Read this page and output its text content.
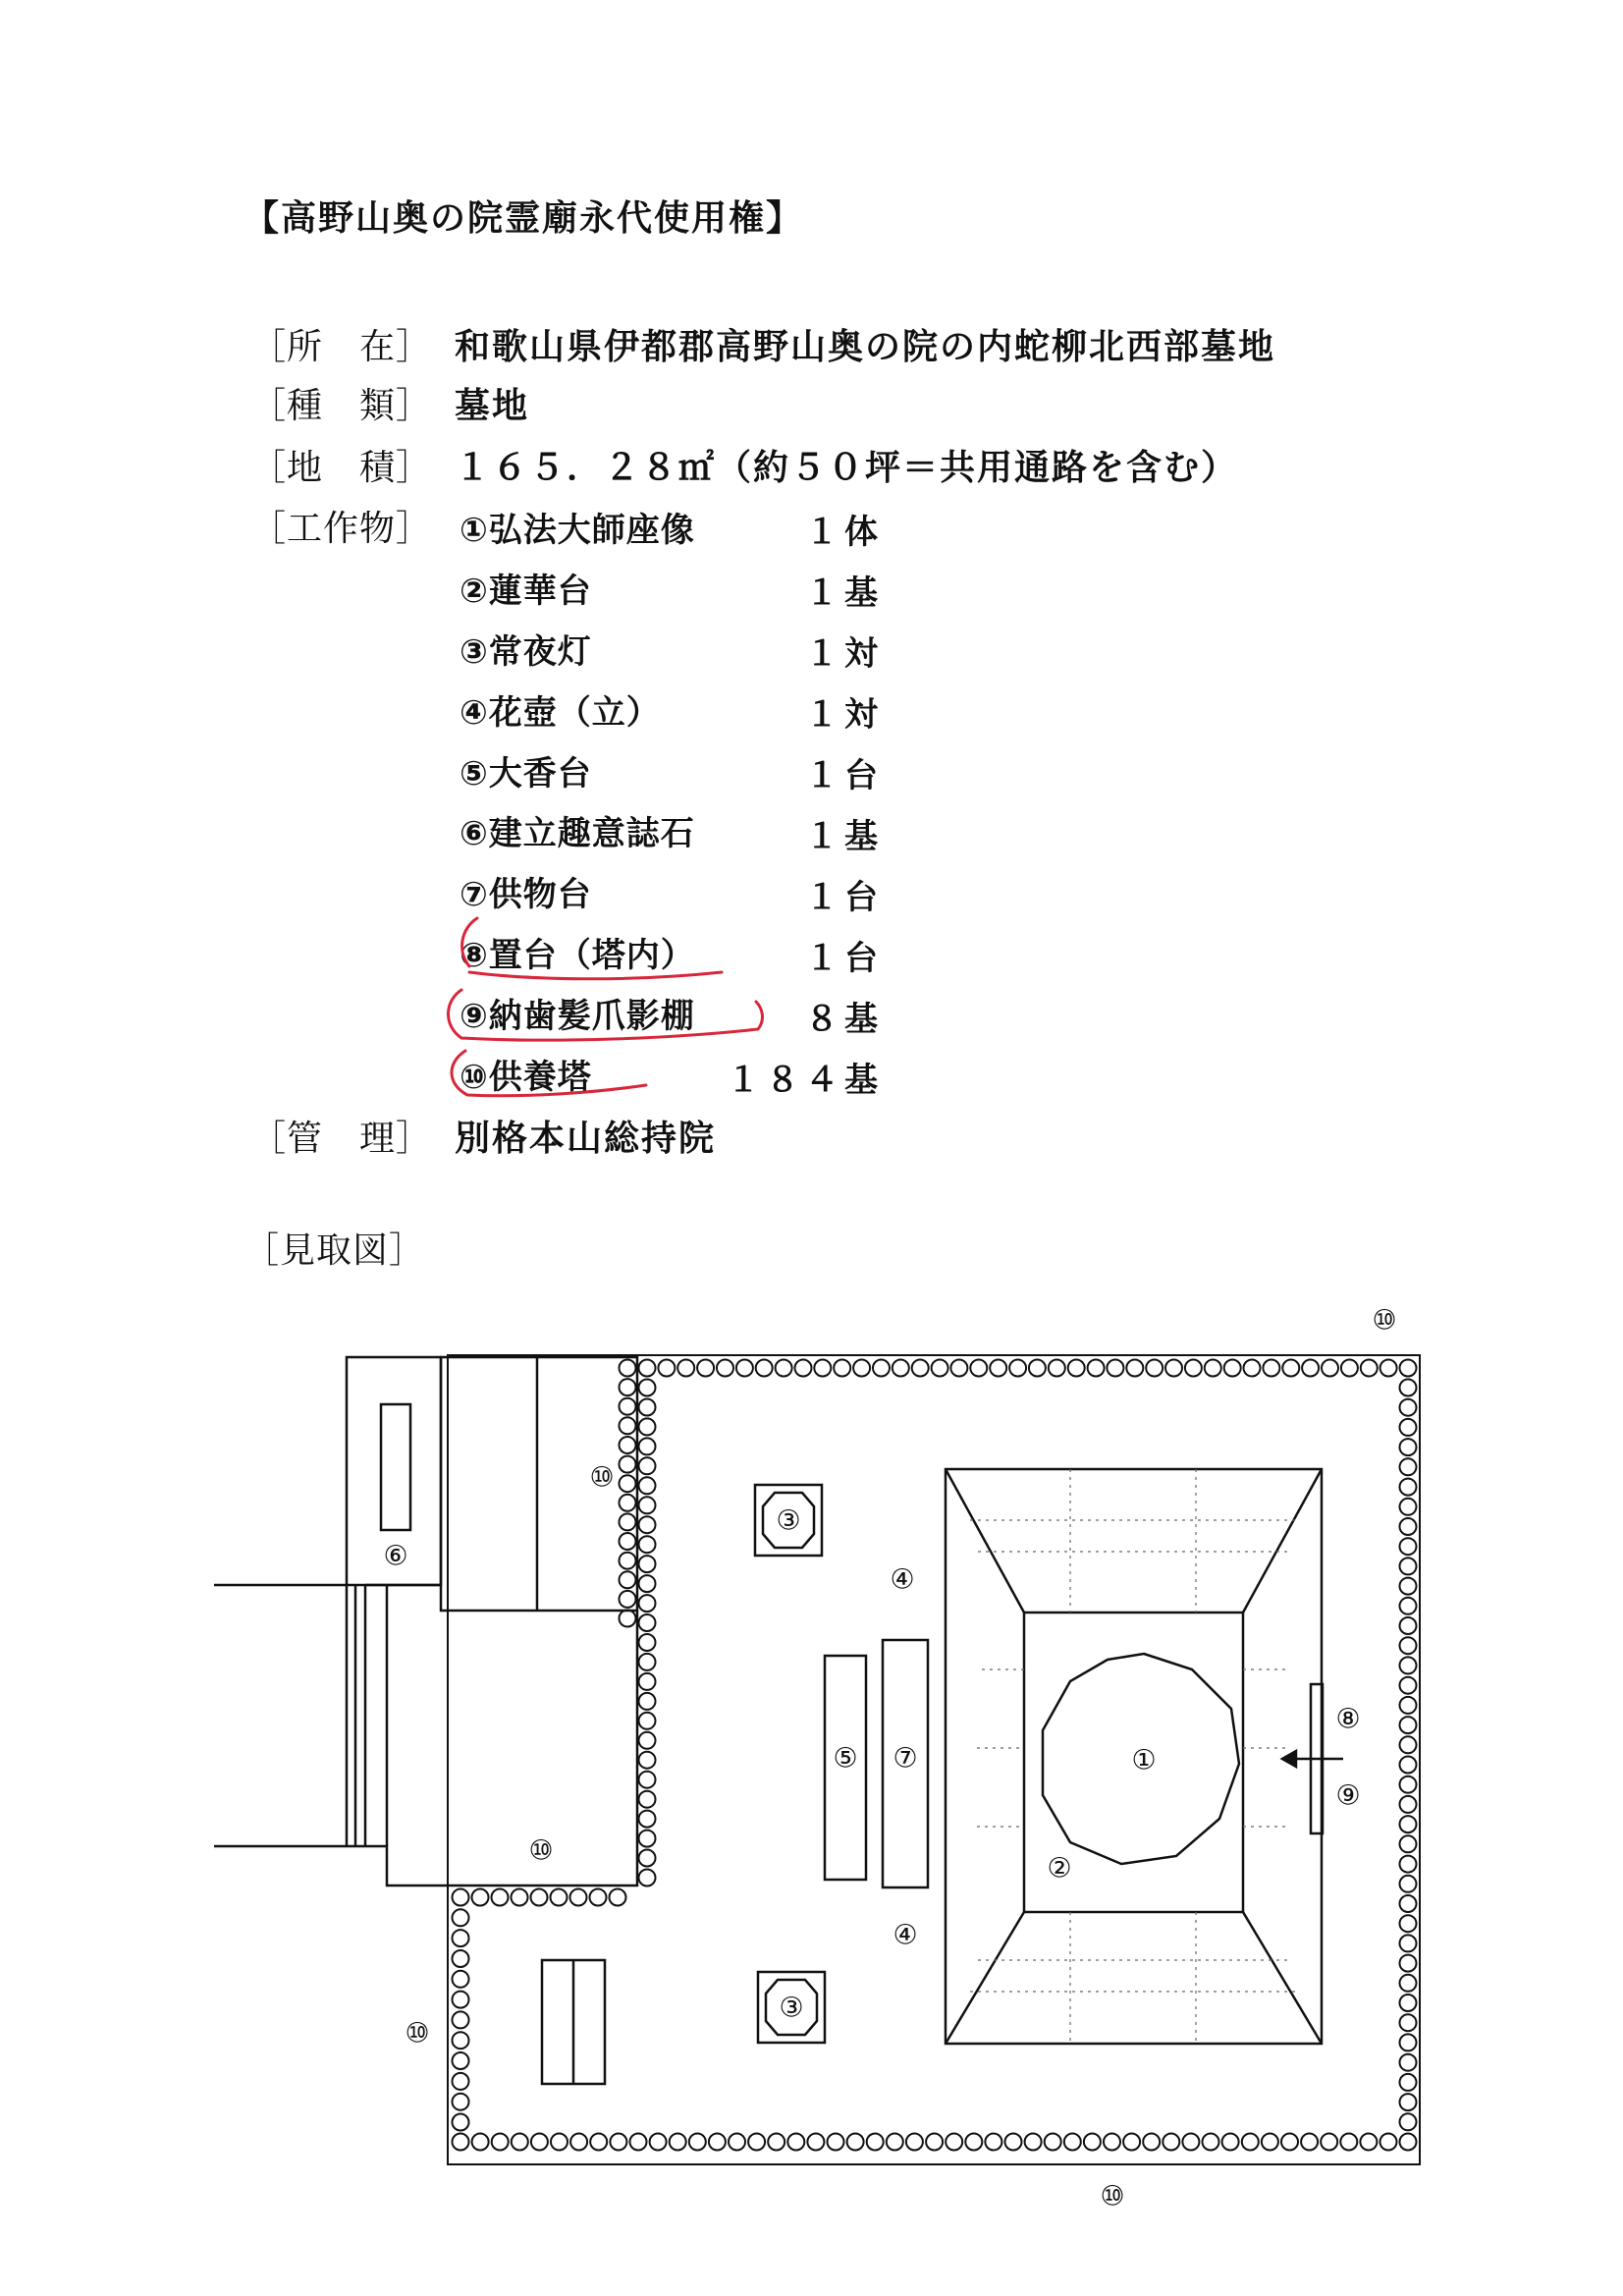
【高野山奥の院霊廟永代使用権】
［所　在］ 和歌山県伊都郡高野山奥の院の内蛇柳北西部墓地
［種　類］ 墓地
［地　積］ １６５．２８㎡（約５０坪＝共用通路を含む）
［工作物］ ①弘法大師座像	１体
②蓮華台	１基
③常夜灯	１対
④花壺（立）	１対
⑤大香台	１台
⑥建立趣意誌石	１基
⑦供物台	１台
⑧置台（塔内）	１台
⑨納歯髪爪影棚	８基
⑩供養塔	１８４基
［管　理］ 別格本山総持院
［見取図］
⑩
⑩
⑥
③
④
⑤ ⑦	①
②
⑧
⑨
⑩
④
③
⑩
⑩
